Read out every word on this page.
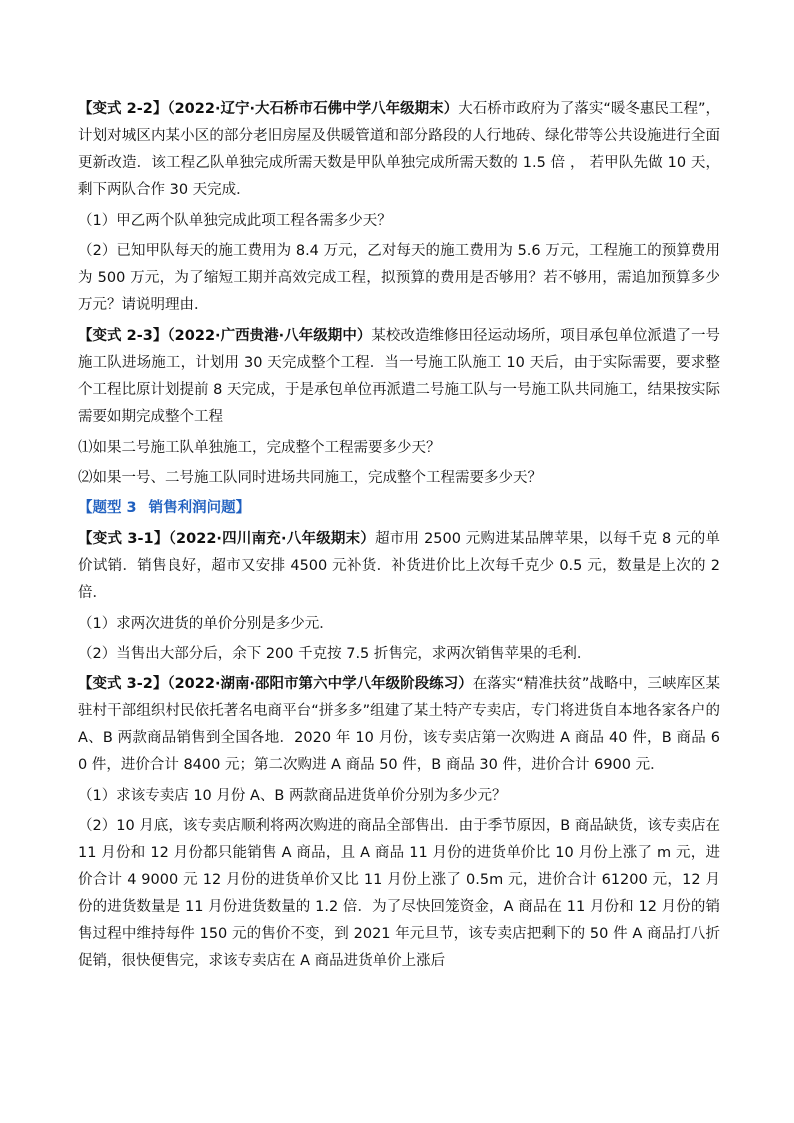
【变式 2-2】（2022·辽宁·大石桥市石佛中学八年级期末）大石桥市政府为了落实“暖冬惠民工程”，计划对城区内某小区的部分老旧房屋及供暖管道和部分路段的人行地砖、绿化带等公共设施进行全面更新改造．该工程乙队单独完成所需天数是甲队单独完成所需天数的 1.5 倍 ， 若甲队先做 10 天，剩下两队合作 30 天完成．

（1）甲乙两个队单独完成此项工程各需多少天？

（2）已知甲队每天的施工费用为 8.4 万元，乙对每天的施工费用为 5.6 万元，工程施工的预算费用为 500 万元，为了缩短工期并高效完成工程，拟预算的费用是否够用？若不够用，需追加预算多少万元？请说明理由．

【变式 2-3】（2022·广西贵港·八年级期中）某校改造维修田径运动场所，项目承包单位派遣了一号施工队进场施工，计划用 30 天完成整个工程．当一号施工队施工 10 天后，由于实际需要，要求整个工程比原计划提前 8 天完成，于是承包单位再派遣二号施工队与一号施工队共同施工，结果按实际需要如期完成整个工程

⑴如果二号施工队单独施工，完成整个工程需要多少天？

⑵如果一号、二号施工队同时进场共同施工，完成整个工程需要多少天？

【题型 3 销售利润问题】

【变式 3-1】（2022·四川南充·八年级期末）超市用 2500 元购进某品牌苹果，以每千克 8 元的单价试销．销售良好，超市又安排 4500 元补货．补货进价比上次每千克少 0.5 元，数量是上次的 2 倍．

（1）求两次进货的单价分别是多少元．

（2）当售出大部分后，余下 200 千克按 7.5 折售完，求两次销售苹果的毛利．

【变式 3-2】（2022·湖南·邵阳市第六中学八年级阶段练习）在落实“精准扶贫”战略中，三峡库区某驻村干部组织村民依托著名电商平台“拼多多”组建了某土特产专卖店，专门将进货自本地各家各户的 A、B 两款商品销售到全国各地．2020 年 10 月份，该专卖店第一次购进 A 商品 40 件，B 商品 60 件，进价合计 8400 元；第二次购进 A 商品 50 件，B 商品 30 件，进价合计 6900 元．

（1）求该专卖店 10 月份 A、B 两款商品进货单价分别为多少元？

（2）10 月底，该专卖店顺利将两次购进的商品全部售出．由于季节原因，B 商品缺货，该专卖店在 11 月份和 12 月份都只能销售 A 商品，且 A 商品 11 月份的进货单价比 10 月份上涨了 m 元，进价合计 4 9000 元 12 月份的进货单价又比 11 月份上涨了 0.5m 元，进价合计 61200 元，12 月份的进货数量是 11 月份进货数量的 1.2 倍．为了尽快回笼资金，A 商品在 11 月份和 12 月份的销售过程中维持每件 150 元的售价不变，到 2021 年元旦节，该专卖店把剩下的 50 件 A 商品打八折促销，很快便售完，求该专卖店在 A 商品进货单价上涨后
